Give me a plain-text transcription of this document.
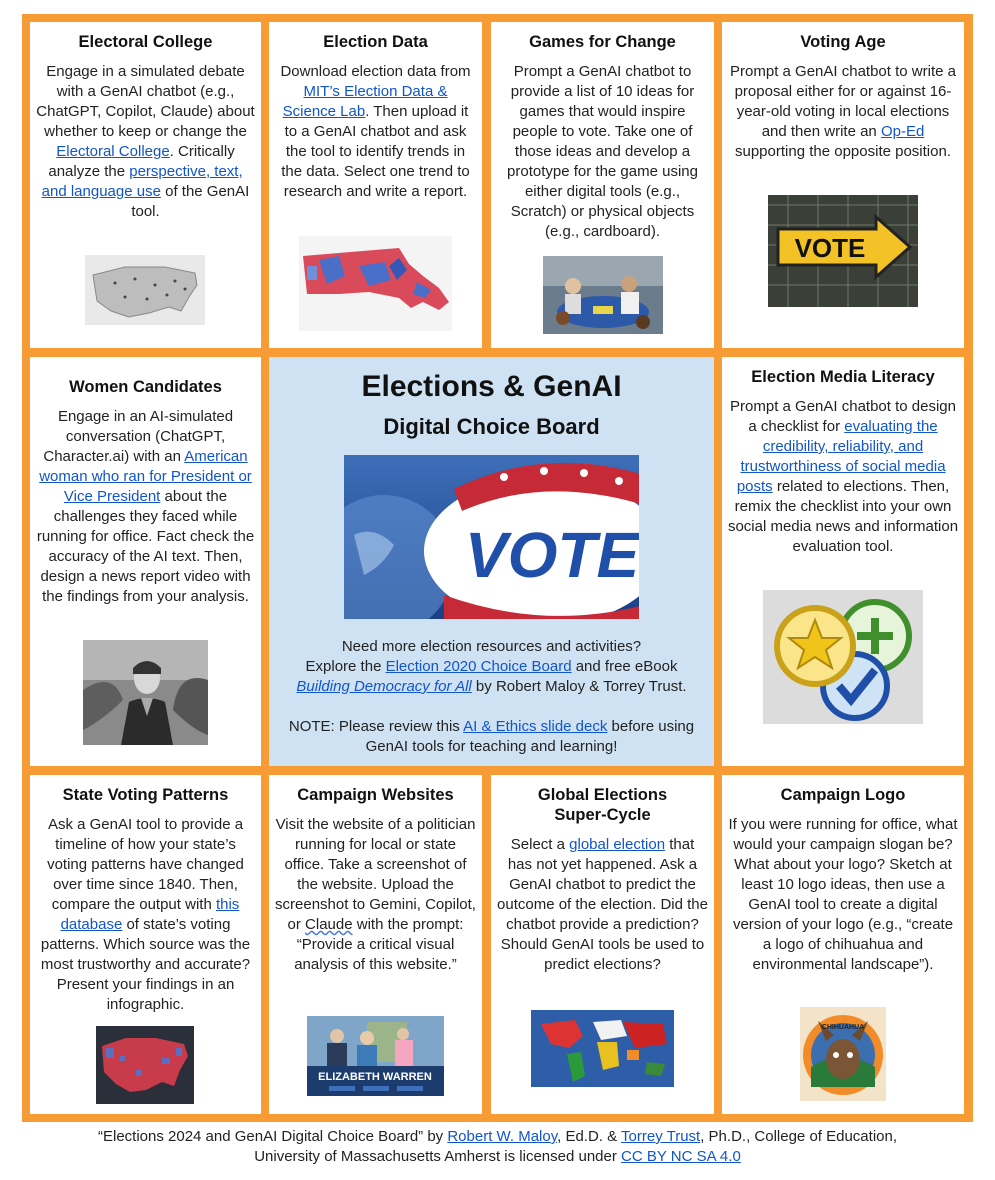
Electoral College

Engage in a simulated debate with a GenAI chatbot (e.g., ChatGPT, Copilot, Claude) about whether to keep or change the Electoral College. Critically analyze the perspective, text, and language use of the GenAI tool.

Election Data

Download election data from MIT’s Election Data & Science Lab. Then upload it to a GenAI chatbot and ask the tool to identify trends in the data. Select one trend to research and write a report.

Games for Change

Prompt a GenAI chatbot to provide a list of 10 ideas for games that would inspire people to vote. Take one of those ideas and develop a prototype for the game using either digital tools (e.g., Scratch) or physical objects (e.g., cardboard).

Voting Age

Prompt a GenAI chatbot to write a proposal either for or against 16-year-old voting in local elections and then write an Op-Ed supporting the opposite position.

VOTE
Women Candidates

Engage in an AI-simulated conversation (ChatGPT, Character.ai) with an American woman who ran for President or Vice President about the challenges they faced while running for office. Fact check the accuracy of the AI text. Then, design a news report video with the findings from your analysis.

Elections & GenAI
Digital Choice Board
VOTE

Need more election resources and activities?
Explore the Election 2020 Choice Board and free eBook
Building Democracy for All by Robert Maloy & Torrey Trust.

NOTE: Please review this AI & Ethics slide deck before using GenAI tools for teaching and learning!

Election Media Literacy

Prompt a GenAI chatbot to design a checklist for evaluating the credibility, reliability, and trustworthiness of social media posts related to elections. Then, remix the checklist into your own social media news and information evaluation tool.

State Voting Patterns

Ask a GenAI tool to provide a timeline of how your state’s voting patterns have changed over time since 1840. Then, compare the output with this database of state’s voting patterns. Which source was the most trustworthy and accurate? Present your findings in an infographic.

Campaign Websites

Visit the website of a politician running for local or state office. Take a screenshot of the website. Upload the screenshot to Gemini, Copilot, or Claude with the prompt: “Provide a critical visual analysis of this website.”

ELIZABETH WARREN
Global Elections Super-Cycle

Select a global election that has not yet happened. Ask a GenAI chatbot to predict the outcome of the election. Did the chatbot provide a prediction? Should GenAI tools be used to predict elections?

Campaign Logo

If you were running for office, what would your campaign slogan be? What about your logo? Sketch at least 10 logo ideas, then use a GenAI tool to create a digital version of your logo (e.g., “create a logo of chihuahua and environmental landscape”).

CHIHUAHUA
“Elections 2024 and GenAI Digital Choice Board” by Robert W. Maloy, Ed.D. & Torrey Trust, Ph.D., College of Education,
University of Massachusetts Amherst is licensed under CC BY NC SA 4.0
